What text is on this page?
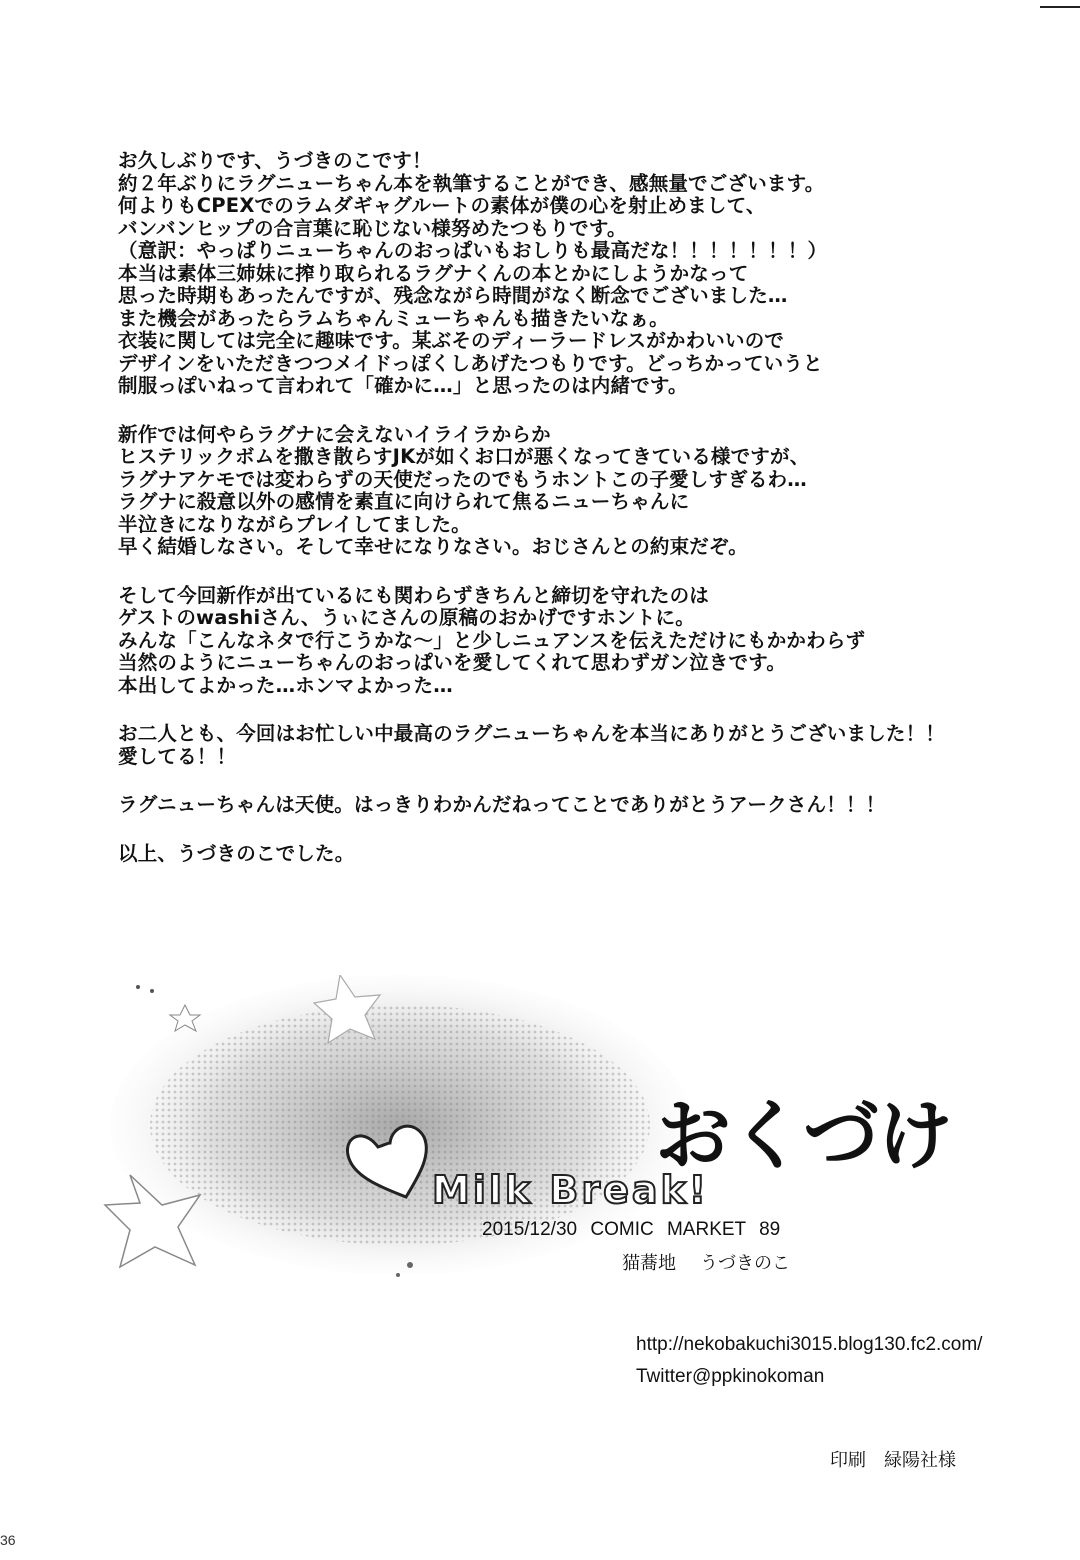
お久しぶりです、うづきのこです！
約２年ぶりにラグニューちゃん本を執筆することができ、感無量でございます。
何よりもCPEXでのラムダギャグルートの素体が僕の心を射止めまして、
バンバンヒップの合言葉に恥じない様努めたつもりです。
（意訳：やっぱりニューちゃんのおっぱいもおしりも最高だな！！！！！！！）
本当は素体三姉妹に搾り取られるラグナくんの本とかにしようかなって
思った時期もあったんですが、残念ながら時間がなく断念でございました…
また機会があったらラムちゃんミューちゃんも描きたいなぁ。
衣装に関しては完全に趣味です。某ぶそのディーラードレスがかわいいので
デザインをいただきつつメイドっぽくしあげたつもりです。どっちかっていうと
制服っぽいねって言われて「確かに…」と思ったのは内緒です。
新作では何やらラグナに会えないイライラからか
ヒステリックボムを撒き散らすJKが如くお口が悪くなってきている様ですが、
ラグナアケモでは変わらずの天使だったのでもうホントこの子愛しすぎるわ…
ラグナに殺意以外の感情を素直に向けられて焦るニューちゃんに
半泣きになりながらプレイしてました。
早く結婚しなさい。そして幸せになりなさい。おじさんとの約束だぞ。
そして今回新作が出ているにも関わらずきちんと締切を守れたのは
ゲストのwashiさん、うぃにさんの原稿のおかげですホントに。
みんな「こんなネタで行こうかな～」と少しニュアンスを伝えただけにもかかわらず
当然のようにニューちゃんのおっぱいを愛してくれて思わずガン泣きです。
本出してよかった…ホンマよかった…
お二人とも、今回はお忙しい中最高のラグニューちゃんを本当にありがとうございました！！
愛してる！！
ラグニューちゃんは天使。はっきりわかんだねってことでありがとうアークさん！！！
以上、うづきのこでした。
おくづけ
Milk Break!
2015/12/30 COMIC MARKET 89
猫蕎地 うづきのこ
http://nekobakuchi3015.blog130.fc2.com/
Twitter@ppkinokoman
印刷 緑陽社様
36
